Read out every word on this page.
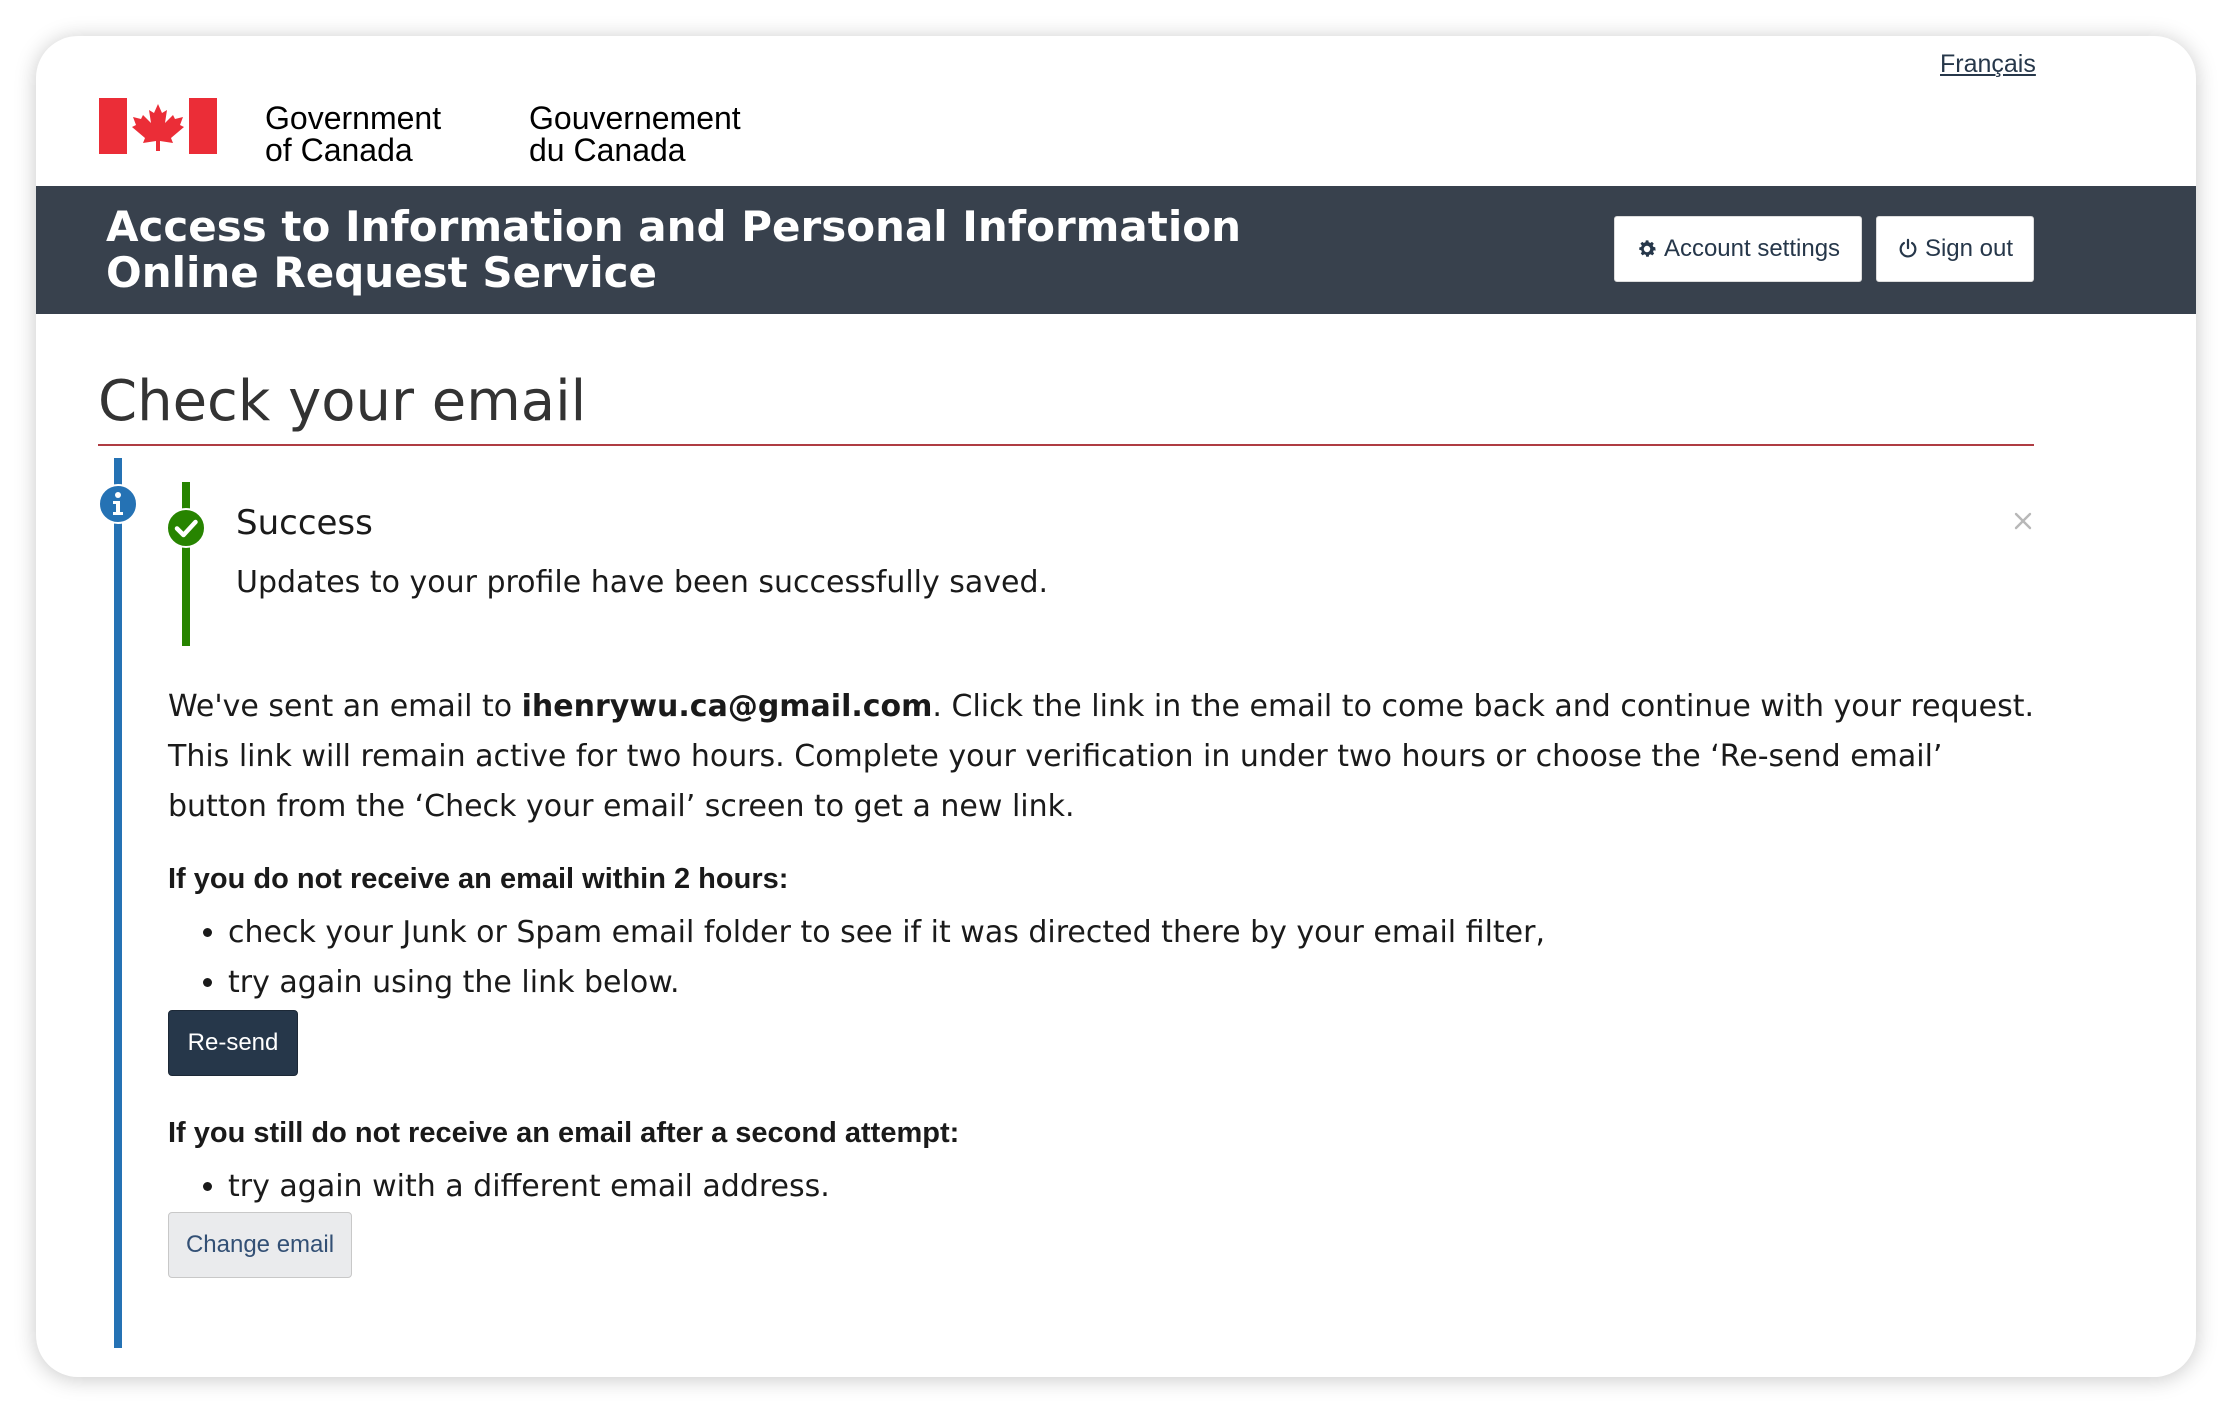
Français
Government
of Canada
Gouvernement
du Canada
Access to Information and Personal Information
Online Request Service	Account settings	Sign out
Check your email
Success
Updates to your profile have been successfully saved.

We've sent an email to ihenrywu.ca@gmail.com. Click the link in the email to come back and continue with your request.

This link will remain active for two hours. Complete your verification in under two hours or choose the ‘Re-send email’ button from the ‘Check your email’ screen to get a new link.

If you do not receive an email within 2 hours:

• check your Junk or Spam email folder to see if it was directed there by your email filter,
• try again using the link below.
Re-send

If you still do not receive an email after a second attempt:

• try again with a different email address.
Change email
